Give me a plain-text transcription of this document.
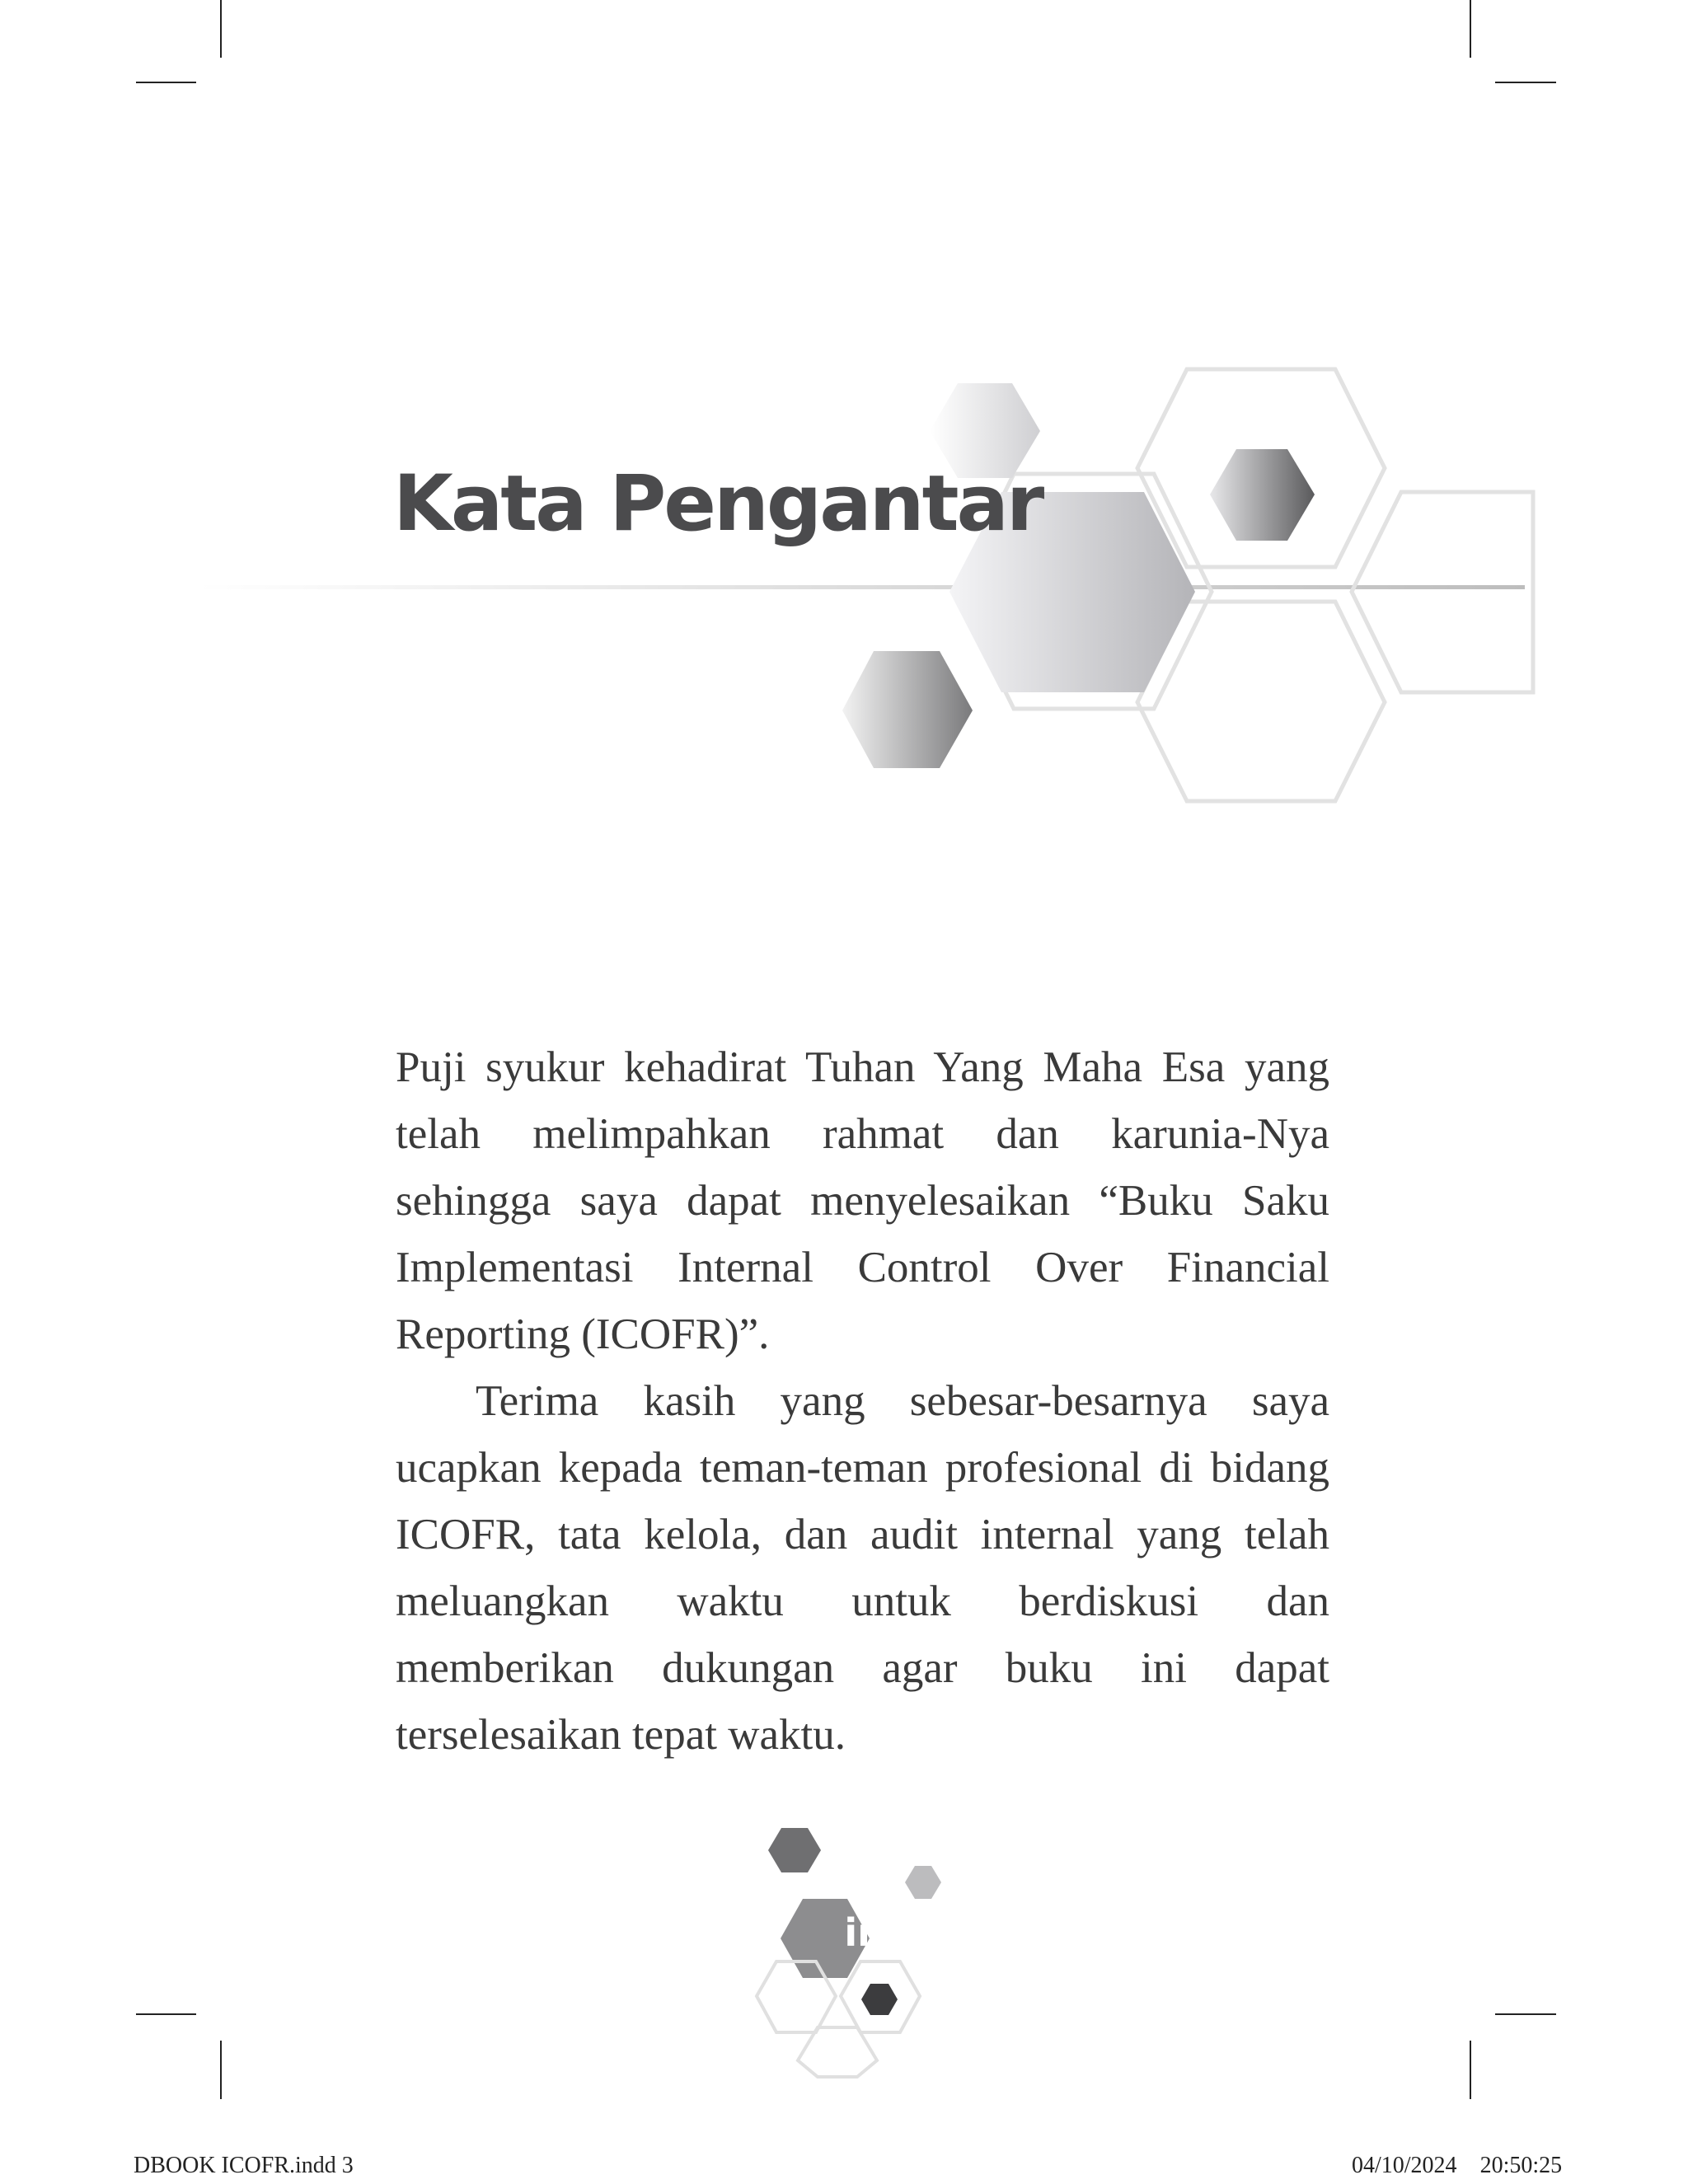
Kata Pengantar

Puji syukur kehadirat Tuhan Yang Maha Esa yang telah melimpahkan rahmat dan karunia-Nya sehingga saya dapat menyelesaikan “Buku Saku Implementasi Internal Control Over Financial Reporting (ICOFR)”.

Terima kasih yang sebesar-besarnya saya ucapkan kepada teman-teman profesional di bidang ICOFR, tata kelola, dan audit internal yang telah meluangkan waktu untuk berdiskusi dan memberikan dukungan agar buku ini dapat terselesaikan tepat waktu.

iii
DBOOK ICOFR.indd 3	04/10/2024 20:50:25
